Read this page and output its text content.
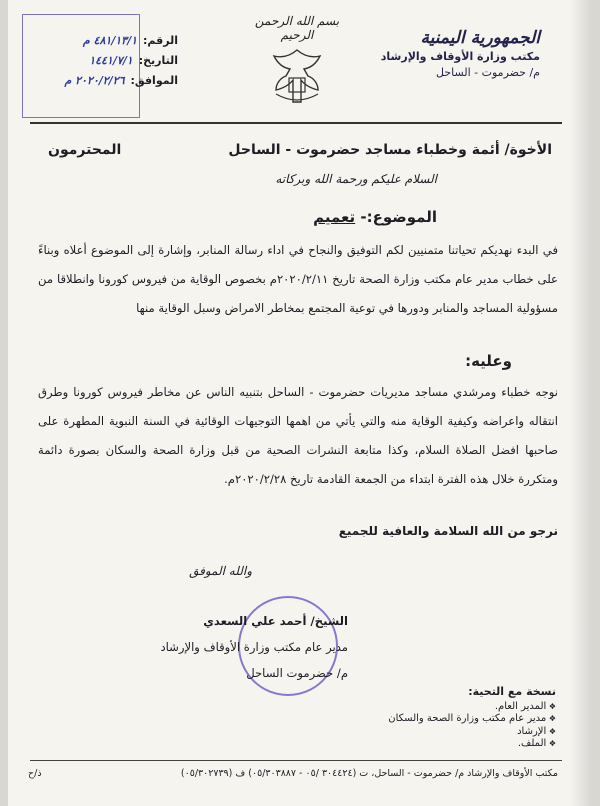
الجمهورية اليمنية
مكتب وزارة الأوقاف والإرشاد
م/ حضرموت - الساحل
بسم الله الرحمن الرحيم
الرقم:
٤٨١/١٣/١ م
التاريخ:
١٤٤١/٧/١
الموافق:
٢٠٢٠/٢/٢٦ م
الأخوة/ أئمة وخطباء مساجد حضرموت - الساحل
المحترمون
السلام عليكم ورحمة الله وبركاته
الموضوع:- تعميم
في البدء نهديكم تحياتنا متمنيين لكم التوفيق والنجاح في اداء رسالة المنابر، وإشارة إلى الموضوع أعلاه وبناءً على خطاب مدير عام مكتب وزارة الصحة تاريخ ٢٠٢٠/٢/١١م بخصوص الوقاية من فيروس كورونا وانطلاقا من مسؤولية المساجد والمنابر ودورها في توعية المجتمع بمخاطر الامراض وسبل الوقاية منها
وعليه:
نوجه خطباء ومرشدي مساجد مديريات حضرموت - الساحل بتنبيه الناس عن مخاطر فيروس كورونا وطرق انتقاله واعراضه وكيفية الوقاية منه والتي يأتي من اهمها التوجيهات الوقائية في السنة النبوية المطهرة على صاحبها افضل الصلاة السلام، وكذا متابعة النشرات الصحية من قبل وزارة الصحة والسكان بصورة دائمة ومتكررة خلال هذه الفترة ابتداء من الجمعة القادمة تاريخ ٢٠٢٠/٢/٢٨م.
نرجو من الله السلامة والعافية للجميع
والله الموفق
الشيخ/ أحمد علي السعدي
مدير عام مكتب وزارة الأوقاف والإرشاد
م/ حضرموت الساحل
نسخة مع التحية:
❖ المدير العام.
❖ مدير عام مكتب وزارة الصحة والسكان
❖ الإرشاد
❖ الملف.
مكتب الأوقاف والإرشاد م/ حضرموت - الساحل، ت (٣٠٤٤٢٤ /٠٥ - ٠٥/٣٠٣٨٨٧) ف (٠٥/٣٠٢٧٣٩)
ذ/ح
